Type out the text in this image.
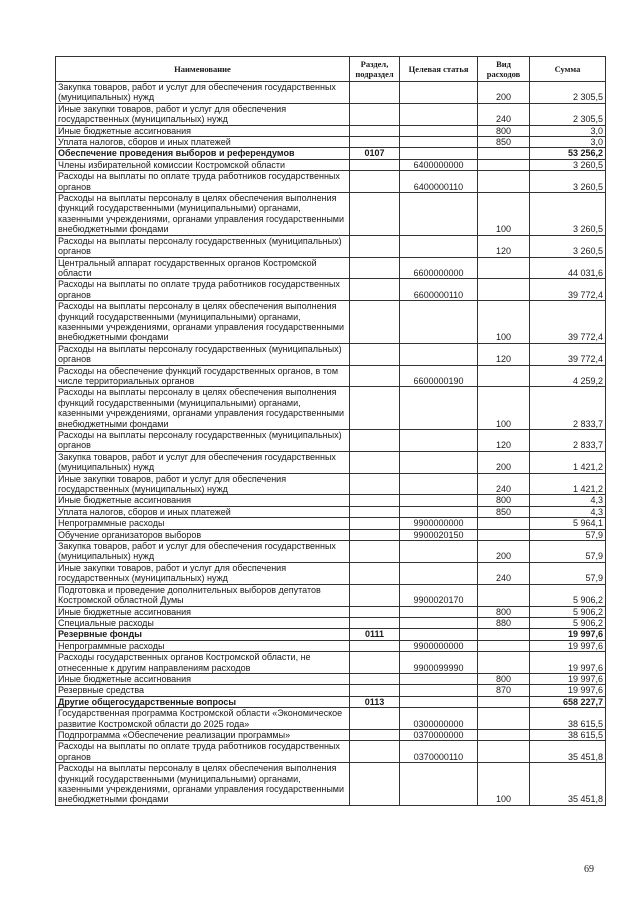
Наименование	Раздел, подраздел	Целевая статья	Вид расходов	Сумма
Закупка товаров, работ и услуг для обеспечения государственных (муниципальных) нужд			200	2 305,5
Иные закупки товаров, работ и услуг для обеспечения государственных (муниципальных) нужд			240	2 305,5
Иные бюджетные ассигнования			800	3,0
Уплата налогов, сборов и иных платежей			850	3,0
Обеспечение проведения выборов и референдумов	0107			53 256,2
Члены избирательной комиссии Костромской области		6400000000		3 260,5
Расходы на выплаты по оплате труда работников государственных органов		6400000110		3 260,5
Расходы на выплаты персоналу в целях обеспечения выполнения функций государственными (муниципальными) органами, казенными учреждениями, органами управления государственными внебюджетными фондами			100	3 260,5
Расходы на выплаты персоналу государственных (муниципальных) органов			120	3 260,5
Центральный аппарат государственных органов Костромской области		6600000000		44 031,6
Расходы на выплаты по оплате труда работников государственных органов		6600000110		39 772,4
Расходы на выплаты персоналу в целях обеспечения выполнения функций государственными (муниципальными) органами, казенными учреждениями, органами управления государственными внебюджетными фондами			100	39 772,4
Расходы на выплаты персоналу государственных (муниципальных) органов			120	39 772,4
Расходы на обеспечение функций государственных органов, в том числе территориальных органов		6600000190		4 259,2
Расходы на выплаты персоналу в целях обеспечения выполнения функций государственными (муниципальными) органами, казенными учреждениями, органами управления государственными внебюджетными фондами			100	2 833,7
Расходы на выплаты персоналу государственных (муниципальных) органов			120	2 833,7
Закупка товаров, работ и услуг для обеспечения государственных (муниципальных) нужд			200	1 421,2
Иные закупки товаров, работ и услуг для обеспечения государственных (муниципальных) нужд			240	1 421,2
Иные бюджетные ассигнования			800	4,3
Уплата налогов, сборов и иных платежей			850	4,3
Непрограммные расходы		9900000000		5 964,1
Обучение организаторов выборов		9900020150		57,9
Закупка товаров, работ и услуг для обеспечения государственных (муниципальных) нужд			200	57,9
Иные закупки товаров, работ и услуг для обеспечения государственных (муниципальных) нужд			240	57,9
Подготовка и проведение дополнительных выборов депутатов Костромской областной Думы		9900020170		5 906,2
Иные бюджетные ассигнования			800	5 906,2
Специальные расходы			880	5 906,2
Резервные фонды	0111			19 997,6
Непрограммные расходы		9900000000		19 997,6
Расходы государственных органов Костромской области, не отнесенные к другим направлениям расходов		9900099990		19 997,6
Иные бюджетные ассигнования			800	19 997,6
Резервные средства			870	19 997,6
Другие общегосударственные вопросы	0113			658 227,7
Государственная программа Костромской области «Экономическое развитие Костромской области до 2025 года»		0300000000		38 615,5
Подпрограмма «Обеспечение реализации программы»		0370000000		38 615,5
Расходы на выплаты по оплате труда работников государственных органов		0370000110		35 451,8
Расходы на выплаты персоналу в целях обеспечения выполнения функций государственными (муниципальными) органами, казенными учреждениями, органами управления государственными внебюджетными фондами			100	35 451,8
69
